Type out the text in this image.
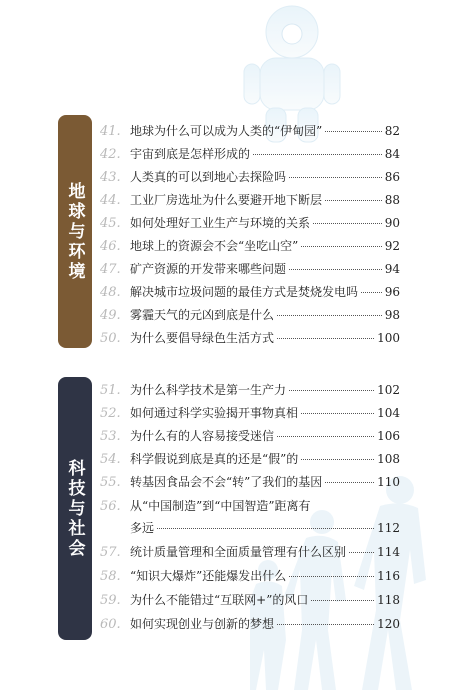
地球与环境
科技与社会
41. 地球为什么可以成为人类的“伊甸园”	82
42. 宇宙到底是怎样形成的	84
43. 人类真的可以到地心去探险吗	86
44. 工业厂房选址为什么要避开地下断层	88
45. 如何处理好工业生产与环境的关系	90
46. 地球上的资源会不会“坐吃山空”	92
47. 矿产资源的开发带来哪些问题	94
48. 解决城市垃圾问题的最佳方式是焚烧发电吗 96
49. 雾霾天气的元凶到底是什么	98
50. 为什么要倡导绿色生活方式	100
51. 为什么科学技术是第一生产力	102
52. 如何通过科学实验揭开事物真相	104
53. 为什么有的人容易接受迷信	106
54. 科学假说到底是真的还是“假”的	108
55. 转基因食品会不会“转”了我们的基因	110
56. 从“中国制造”到“中国智造”距离有
多远	112
57. 统计质量管理和全面质量管理有什么区别	114
58. “知识大爆炸”还能爆发出什么	116
59. 为什么不能错过“互联网+”的风口	118
60. 如何实现创业与创新的梦想	120
